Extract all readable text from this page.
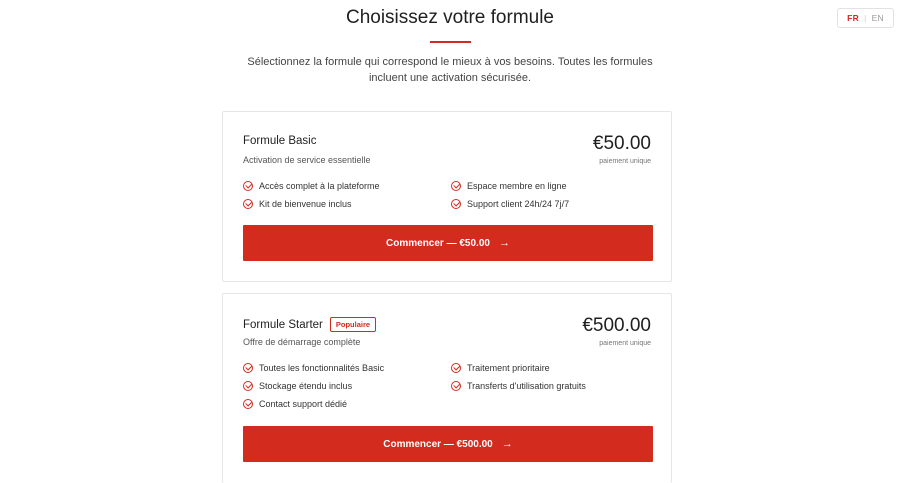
FR | EN
Choisissez votre formule

Sélectionnez la formule qui correspond le mieux à vos besoins. Toutes les formules incluent une activation sécurisée.

Formule Basic
Activation de service essentielle
€50.00
paiement unique
Accès complet à la plateforme	Espace membre en ligne
Kit de bienvenue inclus	Support client 24h/24 7j/7
Commencer — €50.00 →
Formule Starter	Populaire
Offre de démarrage complète
€500.00
paiement unique
Toutes les fonctionnalités Basic	Traitement prioritaire
Stockage étendu inclus	Transferts d'utilisation gratuits
Contact support dédié
Commencer — €500.00 →
